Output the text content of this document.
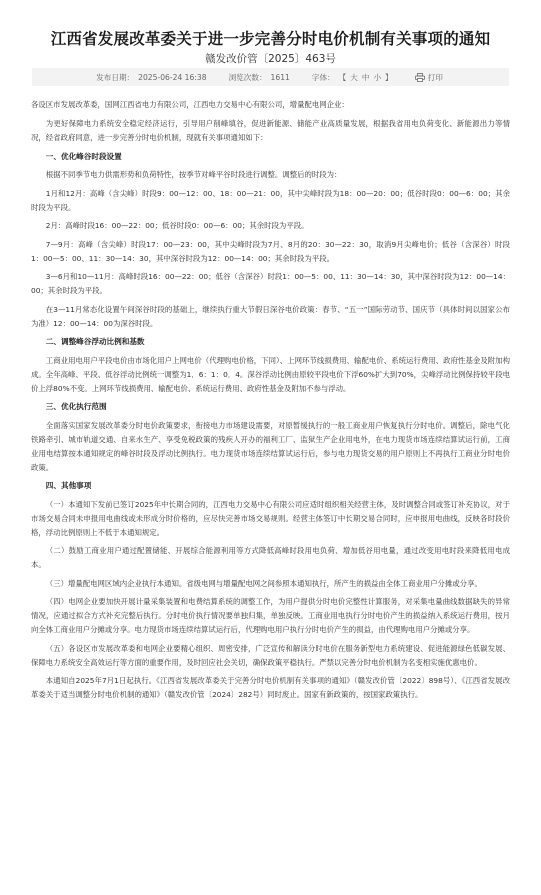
江西省发展改革委关于进一步完善分时电价机制有关事项的通知
赣发改价管〔2025〕463号
发布日期： 2025-06-24 16:38	浏览次数： 1611	字体： 【 大 中 小 】	打印

各设区市发展改革委，国网江西省电力有限公司，江西电力交易中心有限公司，增量配电网企业：

为更好保障电力系统安全稳定经济运行，引导用户削峰填谷，促进新能源、储能产业高质量发展，根据我省用电负荷变化、新能源出力等情况，经省政府同意，进一步完善分时电价机制，现就有关事项通知如下：

一、优化峰谷时段设置

根据不同季节电力供需形势和负荷特性，按季节对峰平谷时段进行调整。调整后的时段为：

1月和12月：高峰（含尖峰）时段9：00—12：00、18：00—21：00，其中尖峰时段为18：00—20：00；低谷时段0：00—6：00；其余时段为平段。

2月：高峰时段16：00—22：00；低谷时段0：00—6：00；其余时段为平段。

7—9月：高峰（含尖峰）时段17：00—23：00，其中尖峰时段为7月、8月的20：30—22：30，取消9月尖峰电价；低谷（含深谷）时段1：00—5：00、11：30—14：30，其中深谷时段为12：00—14：00；其余时段为平段。

3—6月和10—11月：高峰时段16：00—22：00；低谷（含深谷）时段1：00—5：00、11：30—14：30，其中深谷时段为12：00—14：00；其余时段为平段。

在3—11月常态化设置午间深谷时段的基础上，继续执行重大节假日深谷电价政策：春节、“五一”国际劳动节、国庆节（具体时间以国家公布为准）12：00—14：00为深谷时段。

二、调整峰谷浮动比例和基数

工商业用电用户平段电价由市场化用户上网电价（代理购电价格，下同）、上网环节线损费用、输配电价、系统运行费用、政府性基金及附加构成。全年高峰、平段、低谷浮动比例统一调整为1．6：1：0．4。深谷浮动比例由原较平段电价下浮60%扩大到70%，尖峰浮动比例保持较平段电价上浮80%不变。上网环节线损费用、输配电价、系统运行费用、政府性基金及附加不参与浮动。

三、优化执行范围

全面落实国家发展改革委分时电价政策要求，衔接电力市场建设需要，对原暂缓执行的一般工商业用户恢复执行分时电价。调整后，除电气化铁路牵引、城市轨道交通、自来水生产、享受免税政策的残疾人开办的福利工厂、监狱生产企业用电外，在电力现货市场连续结算试运行前，工商业用电结算按本通知规定的峰谷时段及浮动比例执行。电力现货市场连续结算试运行后，参与电力现货交易的用户原则上不再执行工商业分时电价政策。

四、其他事项

（一）本通知下发前已签订2025年中长期合同的，江西电力交易中心有限公司应适时组织相关经营主体，及时调整合同或签订补充协议，对于市场交易合同未申报用电曲线或未形成分时价格的，应尽快完善市场交易规则。经营主体签订中长期交易合同时，应申报用电曲线，反映各时段价格，浮动比例原则上不低于本通知规定。

（二）鼓励工商业用户通过配置储能、开展综合能源利用等方式降低高峰时段用电负荷、增加低谷用电量，通过改变用电时段来降低用电成本。

（三）增量配电网区域内企业执行本通知。省级电网与增量配电网之间参照本通知执行，所产生的损益由全体工商业用户分摊或分享。

（四）电网企业要加快开展计量采集装置和电费结算系统的调整工作，为用户提供分时电价完整性计算服务，对采集电量曲线数据缺失的异常情况，应通过拟合方式补充完整后执行。分时电价执行情况要单独归集，单独反映。工商业用电执行分时电价产生的损益纳入系统运行费用，按月向全体工商业用户分摊或分享。电力现货市场连续结算试运行后，代理购电用户执行分时电价产生的损益，由代理购电用户分摊或分享。

（五）各设区市发展改革委和电网企业要精心组织、周密安排，广泛宣传和解读分时电价在服务新型电力系统建设、促进能源绿色低碳发展、保障电力系统安全高效运行等方面的重要作用，及时回应社会关切，确保政策平稳执行。严禁以完善分时电价机制为名变相实施优惠电价。

本通知自2025年7月1日起执行。《江西省发展改革委关于完善分时电价机制有关事项的通知》（赣发改价管〔2022〕898号）、《江西省发展改革委关于适当调整分时电价机制的通知》（赣发改价管〔2024〕282号）同时废止。国家有新政策的，按国家政策执行。
